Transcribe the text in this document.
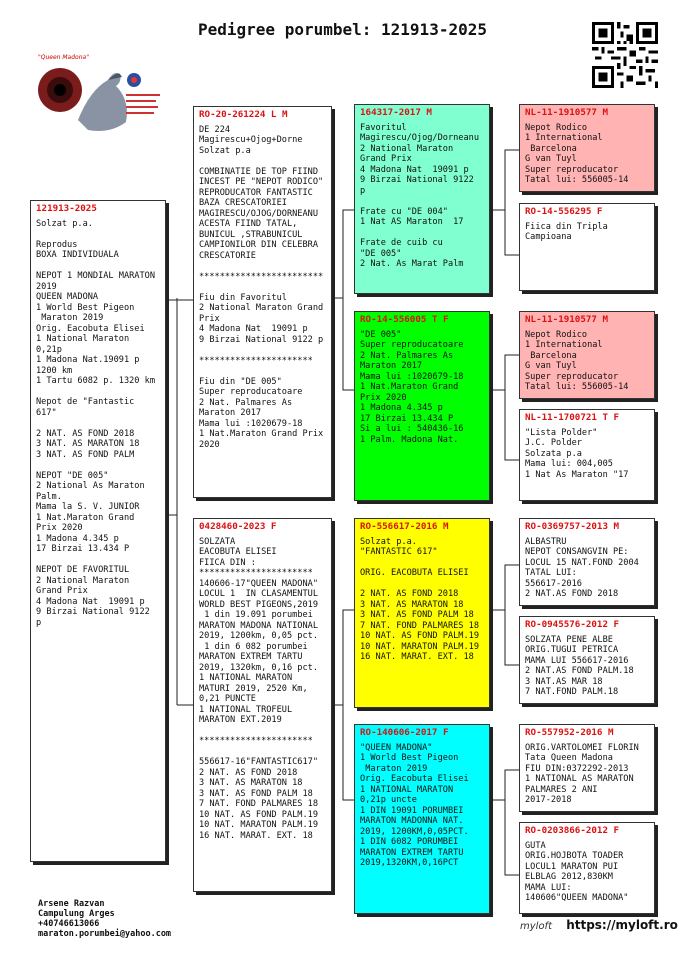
Pedigree porumbel: 121913-2025
"Queen Madona"
121913-2025
Solzat p.a.

Reprodus
BOXA INDIVIDUALA

NEPOT 1 MONDIAL MARATON 2019
QUEEN MADONA
1 World Best Pigeon
Maraton 2019
Orig. Eacobuta Elisei
1 National Maraton 0,21p
1 Madona Nat.19091 p
1200 km
1 Tartu 6082 p. 1320 km

Nepot de "Fantastic 617"

2 NAT. AS FOND 2018
3 NAT. AS MARATON 18
3 NAT. AS FOND PALM

NEPOT "DE 005"
2 National As Maraton Palm.
Mama la S. V. JUNIOR
1 Nat.Maraton Grand Prix 2020
1 Madona 4.345 p
17 Birzai 13.434 P

NEPOT DE FAVORITUL
2 National Maraton Grand Prix
4 Madona Nat  19091 p
9 Birzai National 9122 p
RO-20-261224 L M
DE 224
Magirescu+Ojog+Dorne
Solzat p.a

COMBINATIE DE TOP FIIND INCEST PE "NEPOT RODICO" REPRODUCATOR FANTASTIC BAZA CRESCATORIEI MAGIRESCU/OJOG/DORNEANU ACESTA FIIND TATAL, BUNICUL ,STRABUNICUL CAMPIONILOR DIN CELEBRA CRESCATORIE

************************

Fiu din Favoritul
2 National Maraton Grand Prix
4 Madona Nat  19091 p
9 Birzai National 9122 p

**********************

Fiu din "DE 005"
Super reproducatoare
2 Nat. Palmares As Maraton 2017
Mama lui :1020679-18
1 Nat.Maraton Grand Prix 2020
0428460-2023 F
SOLZATA
EACOBUTA ELISEI
FIICA DIN :
**********************
140606-17"QUEEN MADONA"
LOCUL 1  IN CLASAMENTUL WORLD BEST PIGEONS,2019
1 din 19.091 porumbei MARATON MADONA NATIONAL 2019, 1200km, 0,05 pct.
1 din 6 082 porumbei MARATON EXTREM TARTU 2019, 1320km, 0,16 pct.
1 NATIONAL MARATON MATURI 2019, 2520 Km, 0,21 PUNCTE
1 NATIONAL TROFEUL MARATON EXT.2019

**********************

556617-16"FANTASTIC617"
2 NAT. AS FOND 2018
3 NAT. AS MARATON 18
3 NAT. AS FOND PALM 18
7 NAT. FOND PALMARES 18
10 NAT. AS FOND PALM.19
10 NAT. MARATON PALM.19
16 NAT. MARAT. EXT. 18
164317-2017 M
Favoritul
Magirescu/Ojog/Dorneanu
2 National Maraton Grand Prix
4 Madona Nat  19091 p
9 Birzai National 9122 p

Frate cu "DE 004"
1 Nat AS Maraton  17

Frate de cuib cu
"DE 005"
2 Nat. As Marat Palm
RO-14-556005 T F
"DE 005"
Super reproducatoare
2 Nat. Palmares As Maraton 2017
Mama lui :1020679-18
1 Nat.Maraton Grand Prix 2020
1 Madona 4.345 p
17 Birzai 13.434 P
Si a lui : 540436-16
1 Palm. Madona Nat.
RO-556617-2016 M
Solzat p.a.
"FANTASTIC 617"

ORIG. EACOBUTA ELISEI

2 NAT. AS FOND 2018
3 NAT. AS MARATON 18
3 NAT. AS FOND PALM 18
7 NAT. FOND PALMARES 18
10 NAT. AS FOND PALM.19
10 NAT. MARATON PALM.19
16 NAT. MARAT. EXT. 18
RO-140606-2017 F
"QUEEN MADONA"
1 World Best Pigeon
Maraton 2019
Orig. Eacobuta Elisei
1 NATIONAL MARATON 0,21p uncte
1 DIN 19091 PORUMBEI MARATON MADONNA NAT. 2019, 1200KM,0,05PCT.
1 DIN 6082 PORUMBEI MARATON EXTREM TARTU 2019,1320KM,0,16PCT
NL-11-1910577 M
Nepot Rodico
1 International
Barcelona
G van Tuyl
Super reproducator
Tatal lui: 556005-14
RO-14-556295 F
Fiica din Tripla
Campioana
NL-11-1910577 M
Nepot Rodico
1 International
Barcelona
G van Tuyl
Super reproducator
Tatal lui: 556005-14
NL-11-1700721 T F
"Lista Polder"
J.C. Polder
Solzata p.a
Mama lui: 004,005
1 Nat As Maraton "17
RO-0369757-2013 M
ALBASTRU
NEPOT CONSANGVIN PE:
LOCUL 15 NAT.FOND 2004
TATAL LUI:
556617-2016
2 NAT.AS FOND 2018
RO-0945576-2012 F
SOLZATA PENE ALBE
ORIG.TUGUI PETRICA
MAMA LUI 556617-2016
2 NAT.AS FOND PALM.18
3 NAT.AS MAR 18
7 NAT.FOND PALM.18
RO-557952-2016 M
ORIG.VARTOLOMEI FLORIN
Tata Queen Madona
FIU DIN:0372292-2013
1 NATIONAL AS MARATON
PALMARES 2 ANI
2017-2018
RO-0203866-2012 F
GUTA
ORIG.HOJBOTA TOADER
LOCUL1 MARATON PUI
ELBLAG 2012,830KM
MAMA LUI:
140606"QUEEN MADONA"
Arsene Razvan
Campulung Arges
+40746613066
maraton.porumbei@yahoo.com
myloft https://myloft.ro
